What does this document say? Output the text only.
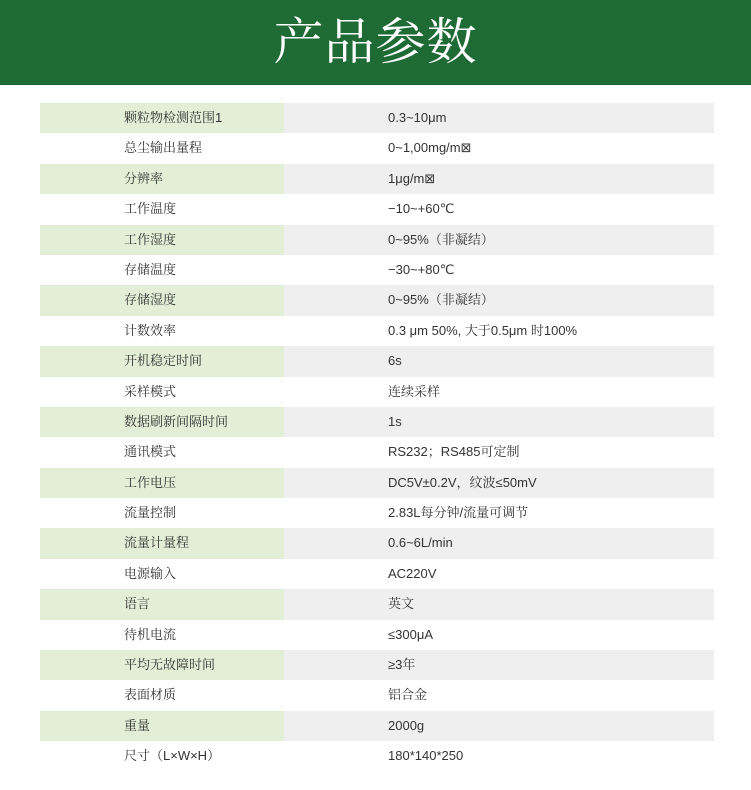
产品参数
颗粒物检测范围1	0.3~10μm
总尘输出量程	0~1,00mg/m⊠
分辨率	1μg/m⊠
工作温度	−10~+60℃
工作湿度	0~95%（非凝结）
存储温度	−30~+80℃
存储湿度	0~95%（非凝结）
计数效率	0.3 μm 50%, 大于0.5μm 时100%
开机稳定时间	6s
采样模式	连续采样
数据刷新间隔时间	1s
通讯模式	RS232；RS485可定制
工作电压	DC5V±0.2V，纹波≤50mV
流量控制	2.83L每分钟/流量可调节
流量计量程	0.6~6L/min
电源输入	AC220V
语言	英文
待机电流	≤300μA
平均无故障时间	≥3年
表面材质	铝合金
重量	2000g
尺寸（L×W×H）	180*140*250
